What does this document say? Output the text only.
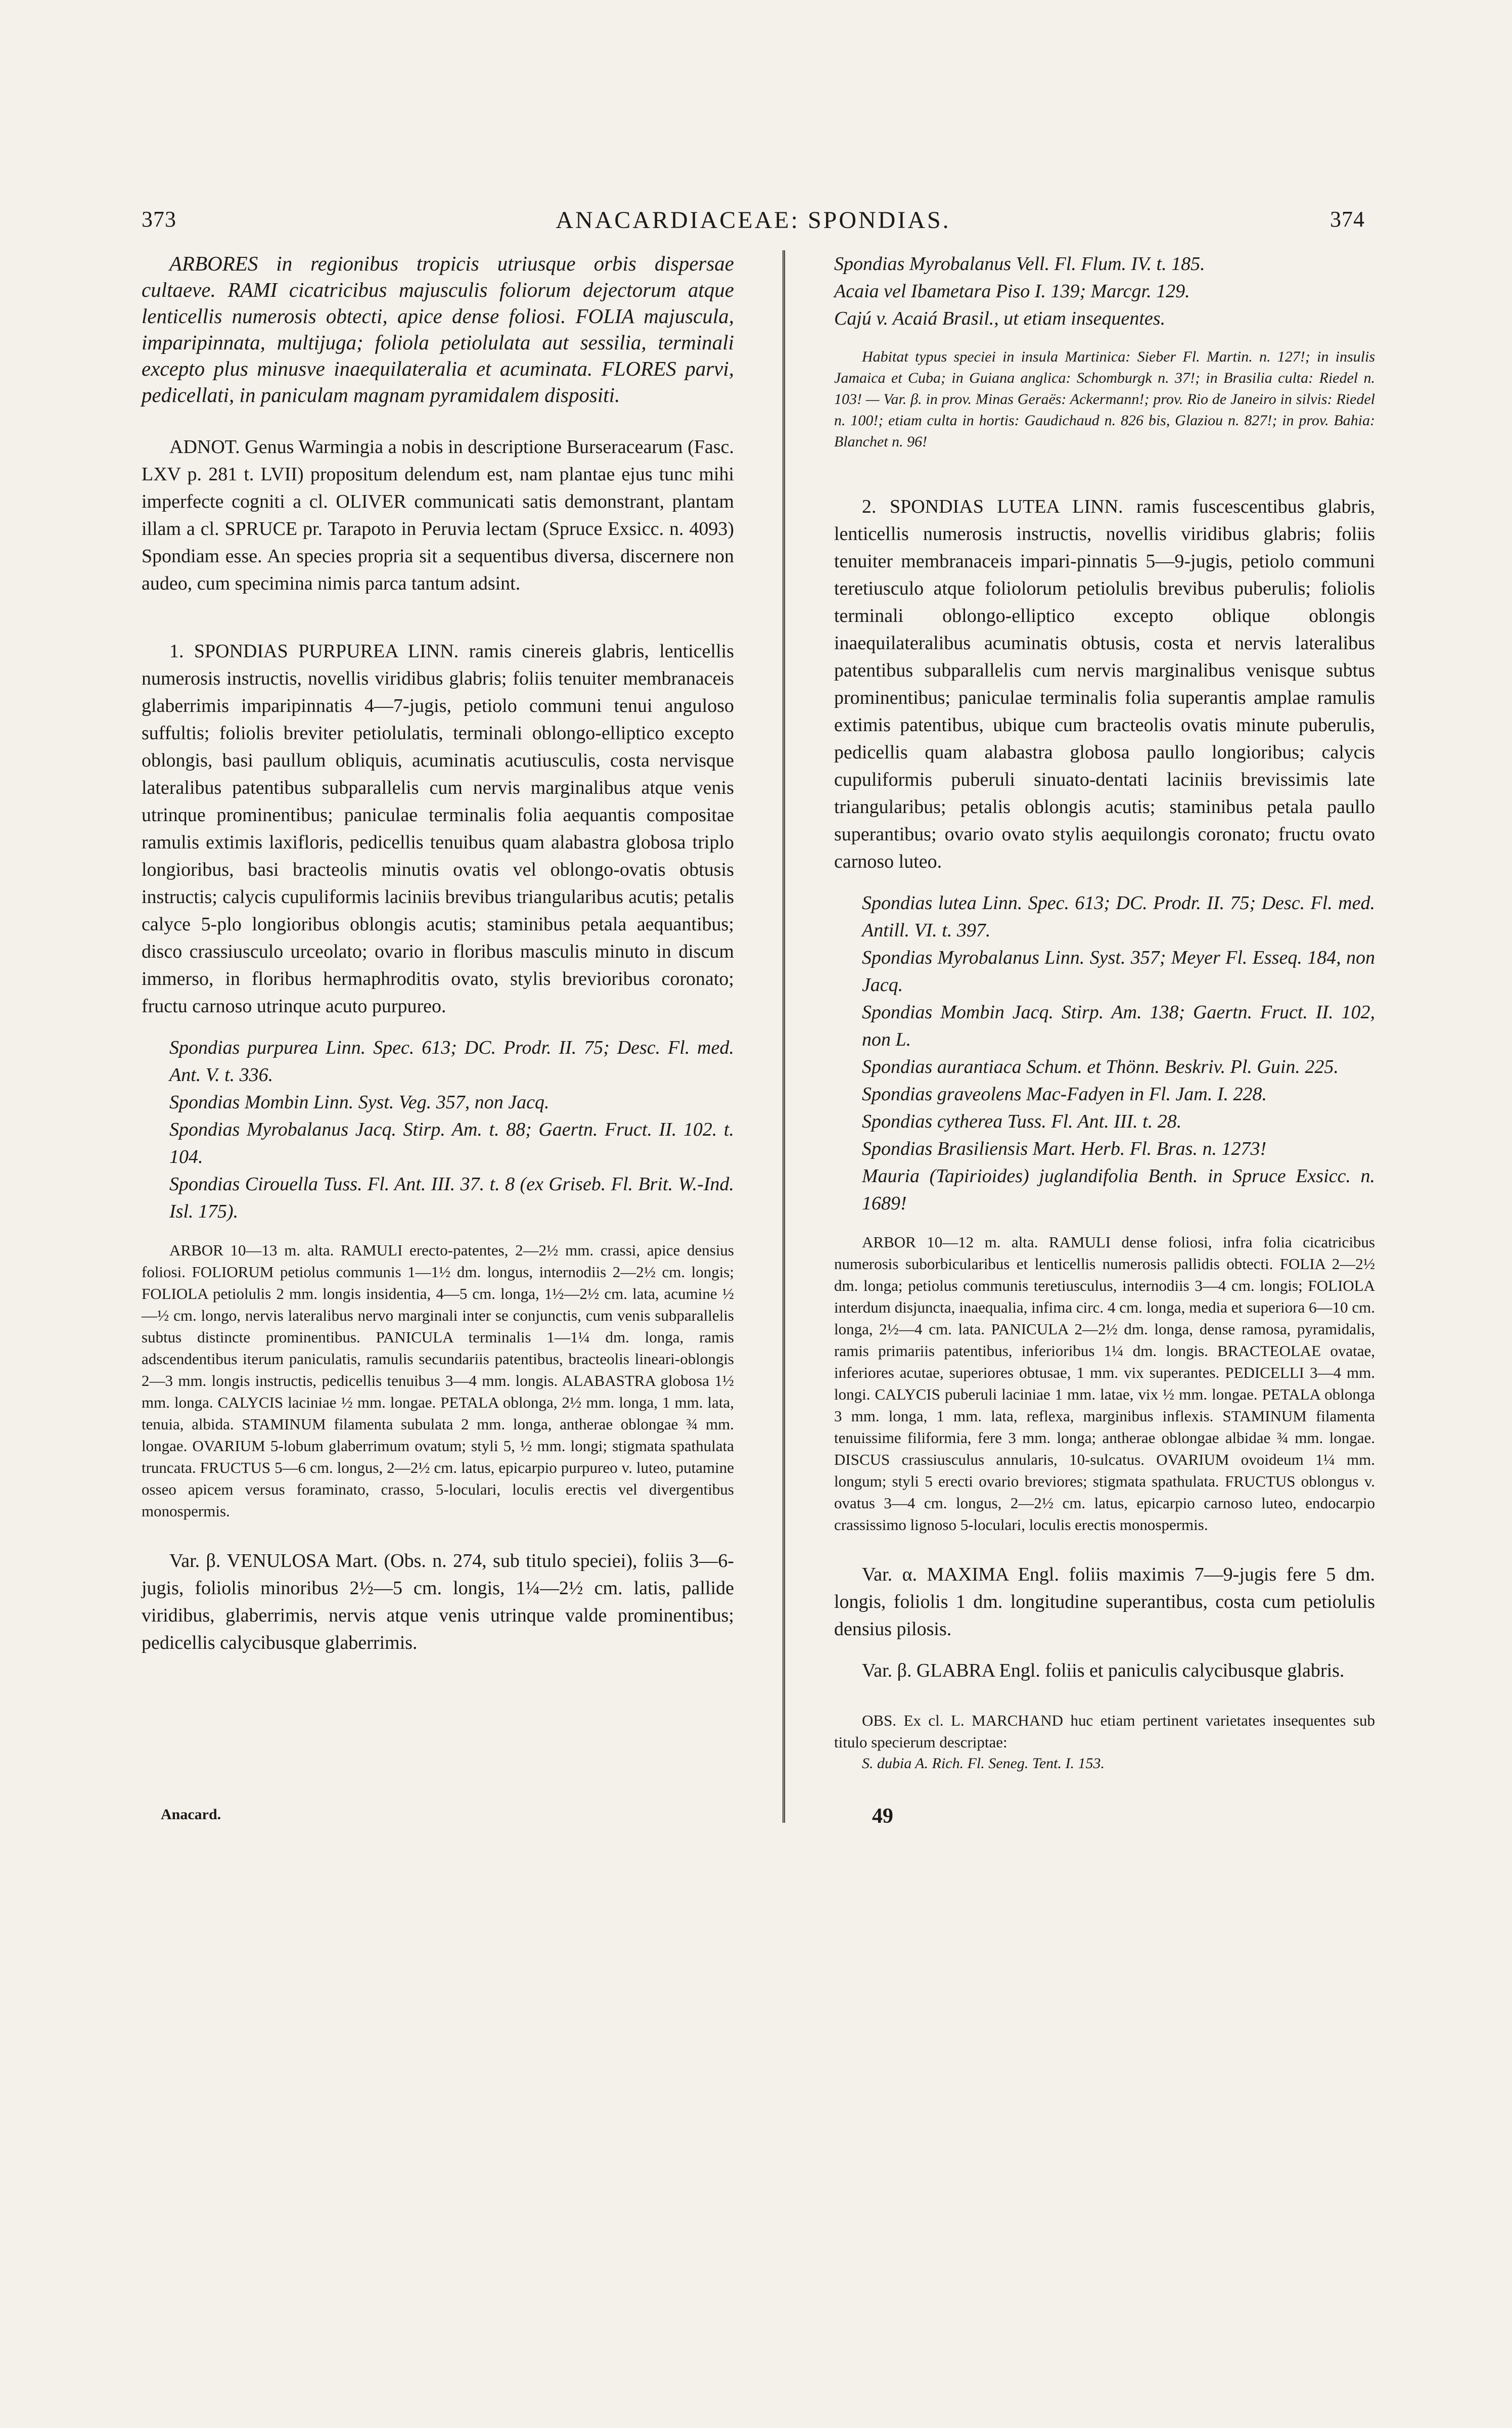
373	ANACARDIACEAE: SPONDIAS.	374

ARBORES in regionibus tropicis utriusque orbis dispersae cultaeve. RAMI cicatricibus majusculis foliorum dejectorum atque lenticellis numerosis obtecti, apice dense foliosi. FOLIA majuscula, imparipinnata, multijuga; foliola petiolulata aut sessilia, terminali excepto plus minusve inaequilateralia et acuminata. FLORES parvi, pedicellati, in paniculam magnam pyramidalem dispositi.

ADNOT. Genus Warmingia a nobis in descriptione Burseracearum (Fasc. LXV p. 281 t. LVII) propositum delendum est, nam plantae ejus tunc mihi imperfecte cogniti a cl. OLIVER communicati satis demonstrant, plantam illam a cl. SPRUCE pr. Tarapoto in Peruvia lectam (Spruce Exsicc. n. 4093) Spondiam esse. An species propria sit a sequentibus diversa, discernere non audeo, cum specimina nimis parca tantum adsint.

1. SPONDIAS PURPUREA LINN. ramis cinereis glabris, lenticellis numerosis instructis, novellis viridibus glabris; foliis tenuiter membranaceis glaberrimis imparipinnatis 4—7-jugis, petiolo communi tenui anguloso suffultis; foliolis breviter petiolulatis, terminali oblongo-elliptico excepto oblongis, basi paullum obliquis, acuminatis acutiusculis, costa nervisque lateralibus patentibus subparallelis cum nervis marginalibus atque venis utrinque prominentibus; paniculae terminalis folia aequantis compositae ramulis extimis laxifloris, pedicellis tenuibus quam alabastra globosa triplo longioribus, basi bracteolis minutis ovatis vel oblongo-ovatis obtusis instructis; calycis cupuliformis laciniis brevibus triangularibus acutis; petalis calyce 5-plo longioribus oblongis acutis; staminibus petala aequantibus; disco crassiusculo urceolato; ovario in floribus masculis minuto in discum immerso, in floribus hermaphroditis ovato, stylis brevioribus coronato; fructu carnoso utrinque acuto purpureo.

Spondias purpurea Linn. Spec. 613; DC. Prodr. II. 75; Desc. Fl. med. Ant. V. t. 336.

Spondias Mombin Linn. Syst. Veg. 357, non Jacq.

Spondias Myrobalanus Jacq. Stirp. Am. t. 88; Gaertn. Fruct. II. 102. t. 104.

Spondias Cirouella Tuss. Fl. Ant. III. 37. t. 8 (ex Griseb. Fl. Brit. W.-Ind. Isl. 175).

ARBOR 10—13 m. alta. RAMULI erecto-patentes, 2—2½ mm. crassi, apice densius foliosi. FOLIORUM petiolus communis 1—1½ dm. longus, internodiis 2—2½ cm. longis; FOLIOLA petiolulis 2 mm. longis insidentia, 4—5 cm. longa, 1½—2½ cm. lata, acumine ½—½ cm. longo, nervis lateralibus nervo marginali inter se conjunctis, cum venis subparallelis subtus distincte prominentibus. PANICULA terminalis 1—1¼ dm. longa, ramis adscendentibus iterum paniculatis, ramulis secundariis patentibus, bracteolis lineari-oblongis 2—3 mm. longis instructis, pedicellis tenuibus 3—4 mm. longis. ALABASTRA globosa 1½ mm. longa. CALYCIS laciniae ½ mm. longae. PETALA oblonga, 2½ mm. longa, 1 mm. lata, tenuia, albida. STAMINUM filamenta subulata 2 mm. longa, antherae oblongae ¾ mm. longae. OVARIUM 5-lobum glaberrimum ovatum; styli 5, ½ mm. longi; stigmata spathulata truncata. FRUCTUS 5—6 cm. longus, 2—2½ cm. latus, epicarpio purpureo v. luteo, putamine osseo apicem versus foraminato, crasso, 5-loculari, loculis erectis vel divergentibus monospermis.

Var. β. VENULOSA Mart. (Obs. n. 274, sub titulo speciei), foliis 3—6-jugis, foliolis minoribus 2½—5 cm. longis, 1¼—2½ cm. latis, pallide viridibus, glaberrimis, nervis atque venis utrinque valde prominentibus; pedicellis calycibusque glaberrimis.

Anacard.

Spondias Myrobalanus Vell. Fl. Flum. IV. t. 185.

Acaia vel Ibametara Piso I. 139; Marcgr. 129.

Cajú v. Acaiá Brasil., ut etiam insequentes.

Habitat typus speciei in insula Martinica: Sieber Fl. Martin. n. 127!; in insulis Jamaica et Cuba; in Guiana anglica: Schomburgk n. 37!; in Brasilia culta: Riedel n. 103! — Var. β. in prov. Minas Geraës: Ackermann!; prov. Rio de Janeiro in silvis: Riedel n. 100!; etiam culta in hortis: Gaudichaud n. 826 bis, Glaziou n. 827!; in prov. Bahia: Blanchet n. 96!

2. SPONDIAS LUTEA LINN. ramis fuscescentibus glabris, lenticellis numerosis instructis, novellis viridibus glabris; foliis tenuiter membranaceis impari-pinnatis 5—9-jugis, petiolo communi teretiusculo atque foliolorum petiolulis brevibus puberulis; foliolis terminali oblongo-elliptico excepto oblique oblongis inaequilateralibus acuminatis obtusis, costa et nervis lateralibus patentibus subparallelis cum nervis marginalibus venisque subtus prominentibus; paniculae terminalis folia superantis amplae ramulis extimis patentibus, ubique cum bracteolis ovatis minute puberulis, pedicellis quam alabastra globosa paullo longioribus; calycis cupuliformis puberuli sinuato-dentati laciniis brevissimis late triangularibus; petalis oblongis acutis; staminibus petala paullo superantibus; ovario ovato stylis aequilongis coronato; fructu ovato carnoso luteo.

Spondias lutea Linn. Spec. 613; DC. Prodr. II. 75; Desc. Fl. med. Antill. VI. t. 397.

Spondias Myrobalanus Linn. Syst. 357; Meyer Fl. Esseq. 184, non Jacq.

Spondias Mombin Jacq. Stirp. Am. 138; Gaertn. Fruct. II. 102, non L.

Spondias aurantiaca Schum. et Thönn. Beskriv. Pl. Guin. 225.

Spondias graveolens Mac-Fadyen in Fl. Jam. I. 228.

Spondias cytherea Tuss. Fl. Ant. III. t. 28.

Spondias Brasiliensis Mart. Herb. Fl. Bras. n. 1273!

Mauria (Tapirioides) juglandifolia Benth. in Spruce Exsicc. n. 1689!

ARBOR 10—12 m. alta. RAMULI dense foliosi, infra folia cicatricibus numerosis suborbicularibus et lenticellis numerosis pallidis obtecti. FOLIA 2—2½ dm. longa; petiolus communis teretiusculus, internodiis 3—4 cm. longis; FOLIOLA interdum disjuncta, inaequalia, infima circ. 4 cm. longa, media et superiora 6—10 cm. longa, 2½—4 cm. lata. PANICULA 2—2½ dm. longa, dense ramosa, pyramidalis, ramis primariis patentibus, inferioribus 1¼ dm. longis. BRACTEOLAE ovatae, inferiores acutae, superiores obtusae, 1 mm. vix superantes. PEDICELLI 3—4 mm. longi. CALYCIS puberuli laciniae 1 mm. latae, vix ½ mm. longae. PETALA oblonga 3 mm. longa, 1 mm. lata, reflexa, marginibus inflexis. STAMINUM filamenta tenuissime filiformia, fere 3 mm. longa; antherae oblongae albidae ¾ mm. longae. DISCUS crassiusculus annularis, 10-sulcatus. OVARIUM ovoideum 1¼ mm. longum; styli 5 erecti ovario breviores; stigmata spathulata. FRUCTUS oblongus v. ovatus 3—4 cm. longus, 2—2½ cm. latus, epicarpio carnoso luteo, endocarpio crassissimo lignoso 5-loculari, loculis erectis monospermis.

Var. α. MAXIMA Engl. foliis maximis 7—9-jugis fere 5 dm. longis, foliolis 1 dm. longitudine superantibus, costa cum petiolulis densius pilosis.

Var. β. GLABRA Engl. foliis et paniculis calycibusque glabris.

OBS. Ex cl. L. MARCHAND huc etiam pertinent varietates insequentes sub titulo specierum descriptae:

S. dubia A. Rich. Fl. Seneg. Tent. I. 153.

49
